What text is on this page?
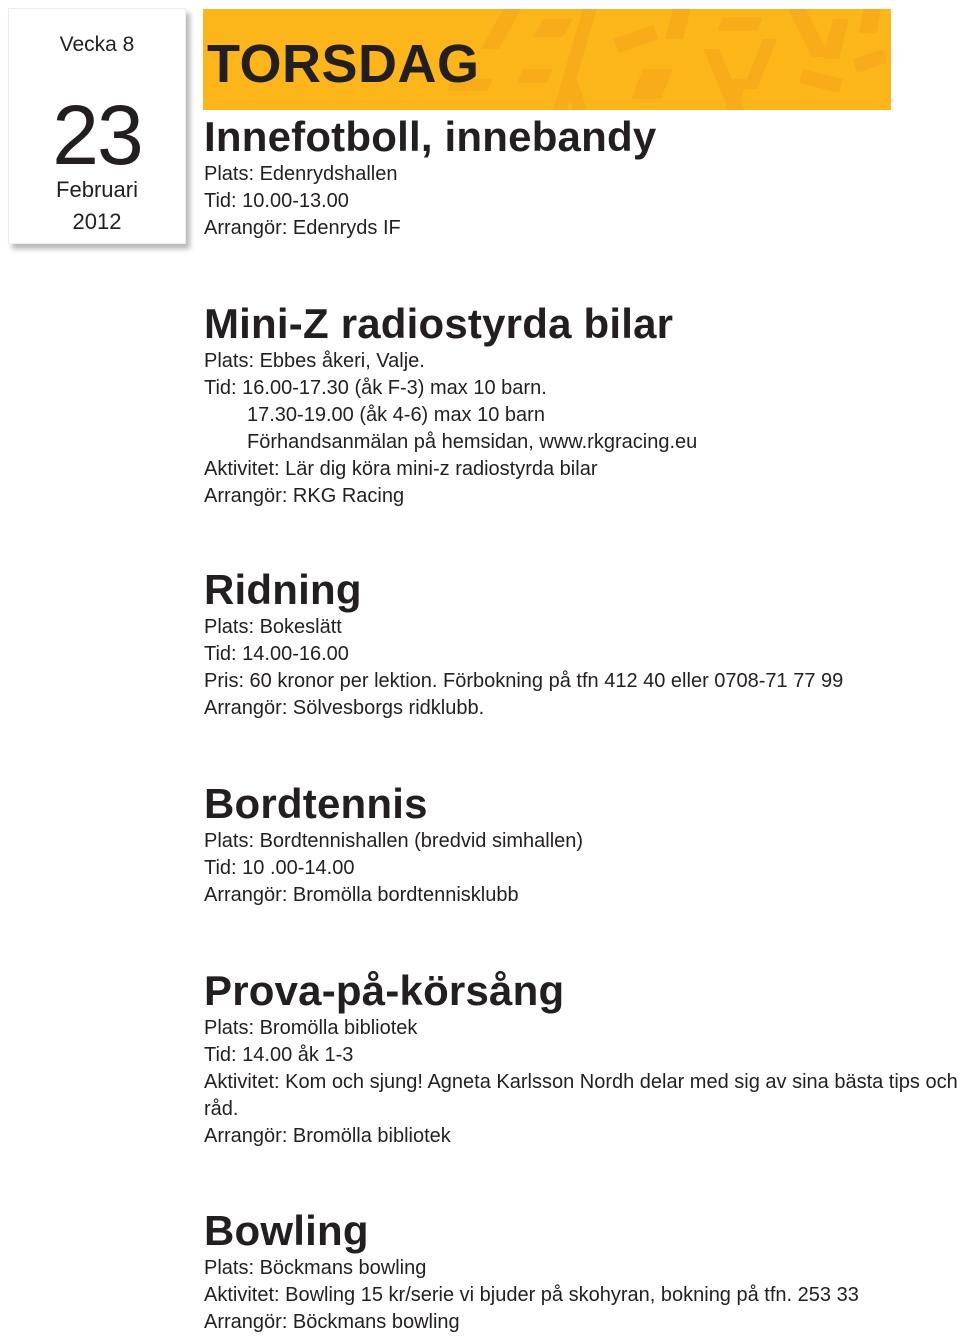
Vecka 8
23
Februari
2012
TORSDAG
Innefotboll, innebandy
Plats: Edenrydshallen
Tid: 10.00-13.00
Arrangör: Edenryds IF
Mini-Z radiostyrda bilar
Plats: Ebbes åkeri, Valje.
Tid: 16.00-17.30 (åk F-3) max 10 barn.
17.30-19.00 (åk 4-6) max 10 barn
Förhandsanmälan på hemsidan, www.rkgracing.eu
Aktivitet: Lär dig köra mini-z radiostyrda bilar
Arrangör: RKG Racing
Ridning
Plats: Bokeslätt
Tid: 14.00-16.00
Pris: 60 kronor per lektion. Förbokning på tfn 412 40 eller 0708-71 77 99
Arrangör: Sölvesborgs ridklubb.
Bordtennis
Plats: Bordtennishallen (bredvid simhallen)
Tid: 10 .00-14.00
Arrangör: Bromölla bordtennisklubb
Prova-på-körsång
Plats: Bromölla bibliotek
Tid: 14.00 åk 1-3
Aktivitet: Kom och sjung! Agneta Karlsson Nordh delar med sig av sina bästa tips och råd.
Arrangör: Bromölla bibliotek
Bowling
Plats: Böckmans bowling
Aktivitet: Bowling 15 kr/serie vi bjuder på skohyran, bokning på tfn. 253 33
Arrangör: Böckmans bowling
